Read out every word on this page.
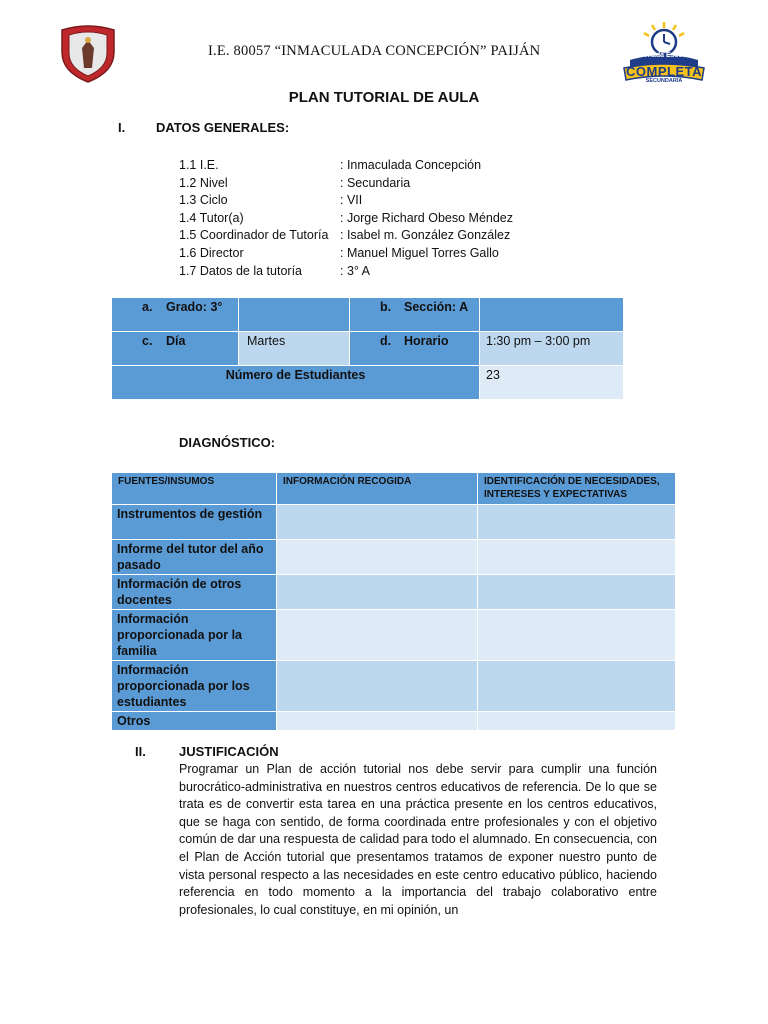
I.E. 80057 “INMACULADA CONCEPCIÓN” PAIJÁN	Jornada Escolar
COMPLETA
SECUNDARIA
PLAN TUTORIAL DE AULA
I. DATOS GENERALES:
1.1 I.E.	: Inmaculada Concepción
1.2 Nivel	: Secundaria
1.3 Ciclo	: VII
1.4 Tutor(a)	: Jorge Richard Obeso Méndez
1.5 Coordinador de Tutoría : Isabel m. González González
1.6 Director	: Manuel Miguel Torres Gallo
1.7 Datos de la tutoría	: 3° A
a. Grado: 3°		b. Sección: A	
c. Día	Martes	d. Horario	1:30 pm – 3:00 pm
Número de Estudiantes			23
DIAGNÓSTICO:
FUENTES/INSUMOS	INFORMACIÓN RECOGIDA	IDENTIFICACIÓN DE NECESIDADES, INTERESES Y EXPECTATIVAS
Instrumentos de gestión		
Informe del tutor del año pasado		
Información de otros docentes		
Información proporcionada por la familia		
Información proporcionada por los estudiantes		
Otros		
II.	JUSTIFICACIÓN
Programar un Plan de acción tutorial nos debe servir para cumplir una función burocrático-administrativa en nuestros centros educativos de referencia. De lo que se trata es de convertir esta tarea en una práctica presente en los centros educativos, que se haga con sentido, de forma coordinada entre profesionales y con el objetivo común de dar una respuesta de calidad para todo el alumnado. En consecuencia, con el Plan de Acción tutorial que presentamos tratamos de exponer nuestro punto de vista personal respecto a las necesidades en este centro educativo público, haciendo referencia en todo momento a la importancia del trabajo colaborativo entre profesionales, lo cual constituye, en mi opinión, un
